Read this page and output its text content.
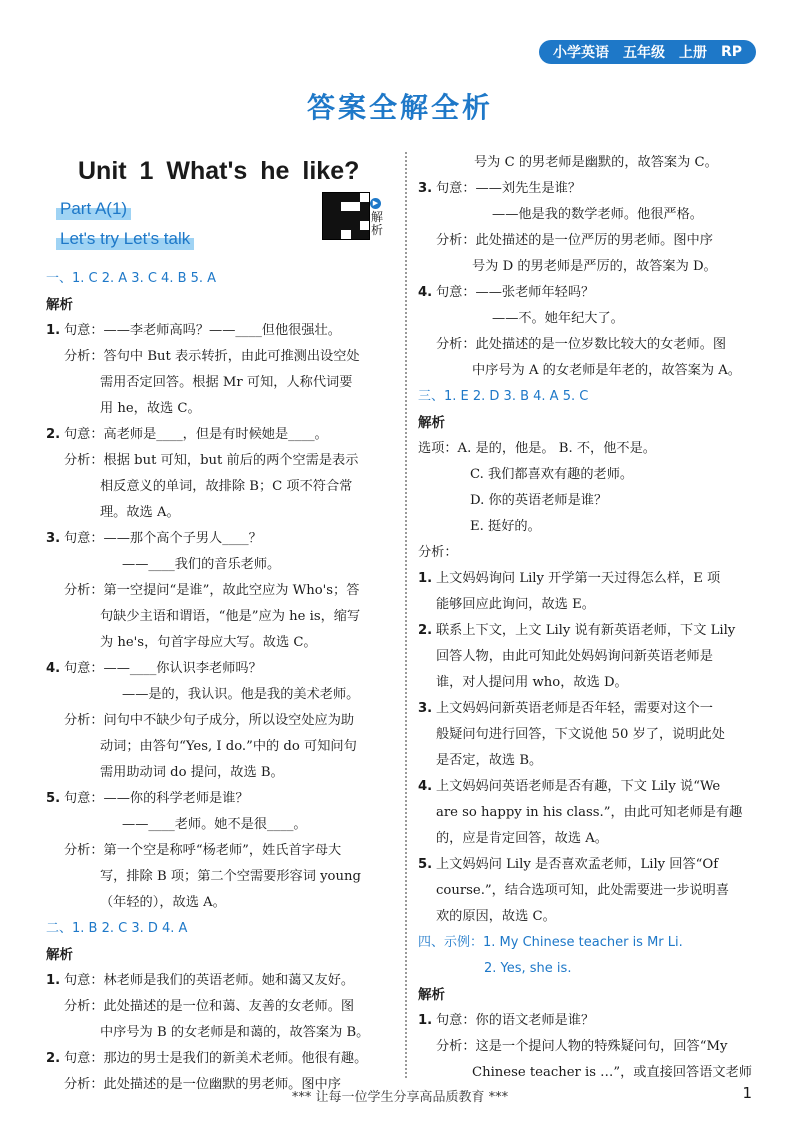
小学英语 五年级 上册 RP
答案全解全析
Unit 1 What's he like?
Part A(1)
Let's try Let's talk
▶
解析
一、1. C 2. A 3. C 4. B 5. A
解析
1. 句意：——李老师高吗？——____但他很强壮。
分析：答句中 But 表示转折，由此可推测出设空处
需用否定回答。根据 Mr 可知，人称代词要
用 he，故选 C。
2. 句意：高老师是____，但是有时候她是____。
分析：根据 but 可知，but 前后的两个空需是表示
相反意义的单词，故排除 B；C 项不符合常
理。故选 A。
3. 句意：——那个高个子男人____？
——____我们的音乐老师。
分析：第一空提问“是谁”，故此空应为 Who's；答
句缺少主语和谓语，“他是”应为 he is，缩写
为 he's，句首字母应大写。故选 C。
4. 句意：——____你认识李老师吗？
——是的，我认识。他是我的美术老师。
分析：问句中不缺少句子成分，所以设空处应为助
动词；由答句“Yes, I do.”中的 do 可知问句
需用助动词 do 提问，故选 B。
5. 句意：——你的科学老师是谁？
——____老师。她不是很____。
分析：第一个空是称呼“杨老师”，姓氏首字母大
写，排除 B 项；第二个空需要形容词 young
（年轻的），故选 A。
二、1. B 2. C 3. D 4. A
解析
1. 句意：林老师是我们的英语老师。她和蔼又友好。
分析：此处描述的是一位和蔼、友善的女老师。图
中序号为 B 的女老师是和蔼的，故答案为 B。
2. 句意：那边的男士是我们的新美术老师。他很有趣。
分析：此处描述的是一位幽默的男老师。图中序
号为 C 的男老师是幽默的，故答案为 C。
3. 句意：——刘先生是谁？
——他是我的数学老师。他很严格。
分析：此处描述的是一位严厉的男老师。图中序
号为 D 的男老师是严厉的，故答案为 D。
4. 句意：——张老师年轻吗？
——不。她年纪大了。
分析：此处描述的是一位岁数比较大的女老师。图
中序号为 A 的女老师是年老的，故答案为 A。
三、1. E 2. D 3. B 4. A 5. C
解析
选项：A. 是的，他是。 B. 不，他不是。
C. 我们都喜欢有趣的老师。
D. 你的英语老师是谁？
E. 挺好的。
分析：
1. 上文妈妈询问 Lily 开学第一天过得怎么样，E 项
能够回应此询问，故选 E。
2. 联系上下文，上文 Lily 说有新英语老师，下文 Lily
回答人物，由此可知此处妈妈询问新英语老师是
谁，对人提问用 who，故选 D。
3. 上文妈妈问新英语老师是否年轻，需要对这个一
般疑问句进行回答，下文说他 50 岁了，说明此处
是否定，故选 B。
4. 上文妈妈问英语老师是否有趣，下文 Lily 说“We
are so happy in his class.”，由此可知老师是有趣
的，应是肯定回答，故选 A。
5. 上文妈妈问 Lily 是否喜欢孟老师，Lily 回答“Of
course.”，结合选项可知，此处需要进一步说明喜
欢的原因，故选 C。
四、示例：1. My Chinese teacher is Mr Li.
2. Yes, she is.
解析
1. 句意：你的语文老师是谁？
分析：这是一个提问人物的特殊疑问句，回答“My
Chinese teacher is …”，或直接回答语文老师
*** 让每一位学生分享高品质教育 ***	1
